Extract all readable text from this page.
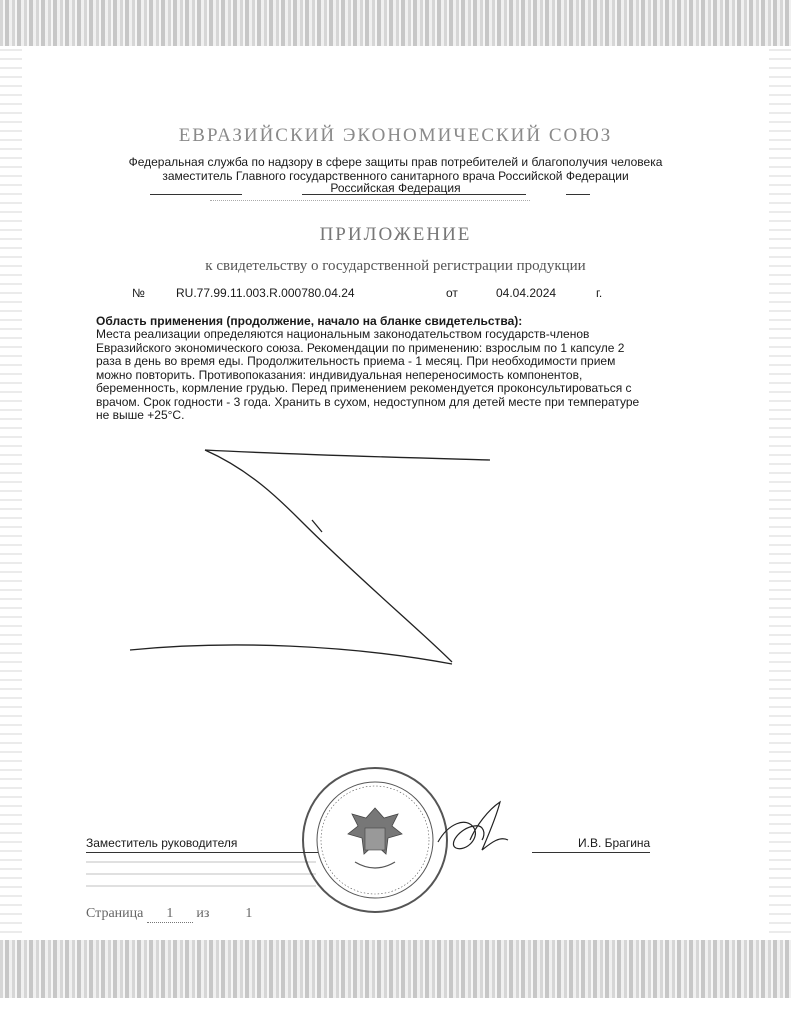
ЕВРАЗИЙСКИЙ ЭКОНОМИЧЕСКИЙ СОЮЗ
Федеральная служба по надзору в сфере защиты прав потребителей и благополучия человека
заместитель Главного государственного санитарного врача Российской Федерации
Российская Федерация
ПРИЛОЖЕНИЕ
к свидетельству о государственной регистрации продукции
№	RU.77.99.11.003.R.000780.04.24	от	04.04.2024	г.
Область применения (продолжение, начало на бланке свидетельства):
Места реализации определяются национальным законодательством государств-членов
Евразийского экономического союза. Рекомендации по применению: взрослым по 1 капсуле 2
раза в день во время еды. Продолжительность приема - 1 месяц. При необходимости прием
можно повторить. Противопоказания: индивидуальная непереносимость компонентов,
беременность, кормление грудью. Перед применением рекомендуется проконсультироваться с
врачом. Срок годности - 3 года. Хранить в сухом, недоступном для детей месте при температуре
не выше +25°С.
Заместитель руководителя	И.В. Брагина
Страница 1 из	1
